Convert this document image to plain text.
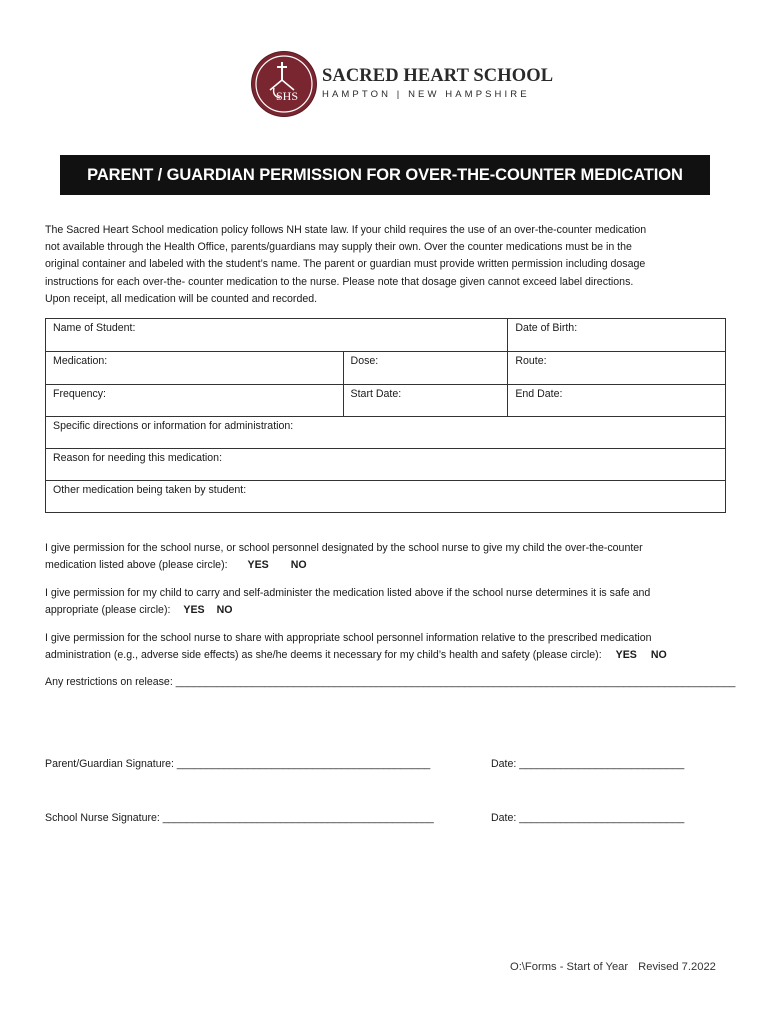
SHS
SACRED HEART SCHOOL
HAMPTON | NEW HAMPSHIRE
PARENT / GUARDIAN PERMISSION FOR OVER-THE-COUNTER MEDICATION

The Sacred Heart School medication policy follows NH state law. If your child requires the use of an over-the-counter medication

not available through the Health Office, parents/guardians may supply their own. Over the counter medications must be in the

original container and labeled with the student’s name. The parent or guardian must provide written permission including dosage

instructions for each over-the- counter medication to the nurse. Please note that dosage given cannot exceed label directions.

Upon receipt, all medication will be counted and recorded.

Name of Student:		Date of Birth:
Medication:	Dose:	Route:
Frequency:	Start Date:	End Date:
Specific directions or information for administration:		
Reason for needing this medication:		
Other medication being taken by student:		

I give permission for the school nurse, or school personnel designated by the school nurse to give my child the over-the-counter

medication listed above (please circle): YES NO

I give permission for my child to carry and self-administer the medication listed above if the school nurse determines it is safe and

appropriate (please circle): YES NO

I give permission for the school nurse to share with appropriate school personnel information relative to the prescribed medication

administration (e.g., adverse side effects) as she/he deems it necessary for my child’s health and safety (please circle): YES NO

Any restrictions on release: _______________________________________________________________________________________________
Parent/Guardian Signature: ___________________________________________	Date: ____________________________
School Nurse Signature: ______________________________________________	Date: ____________________________
O:\Forms - Start of Year Revised 7.2022
